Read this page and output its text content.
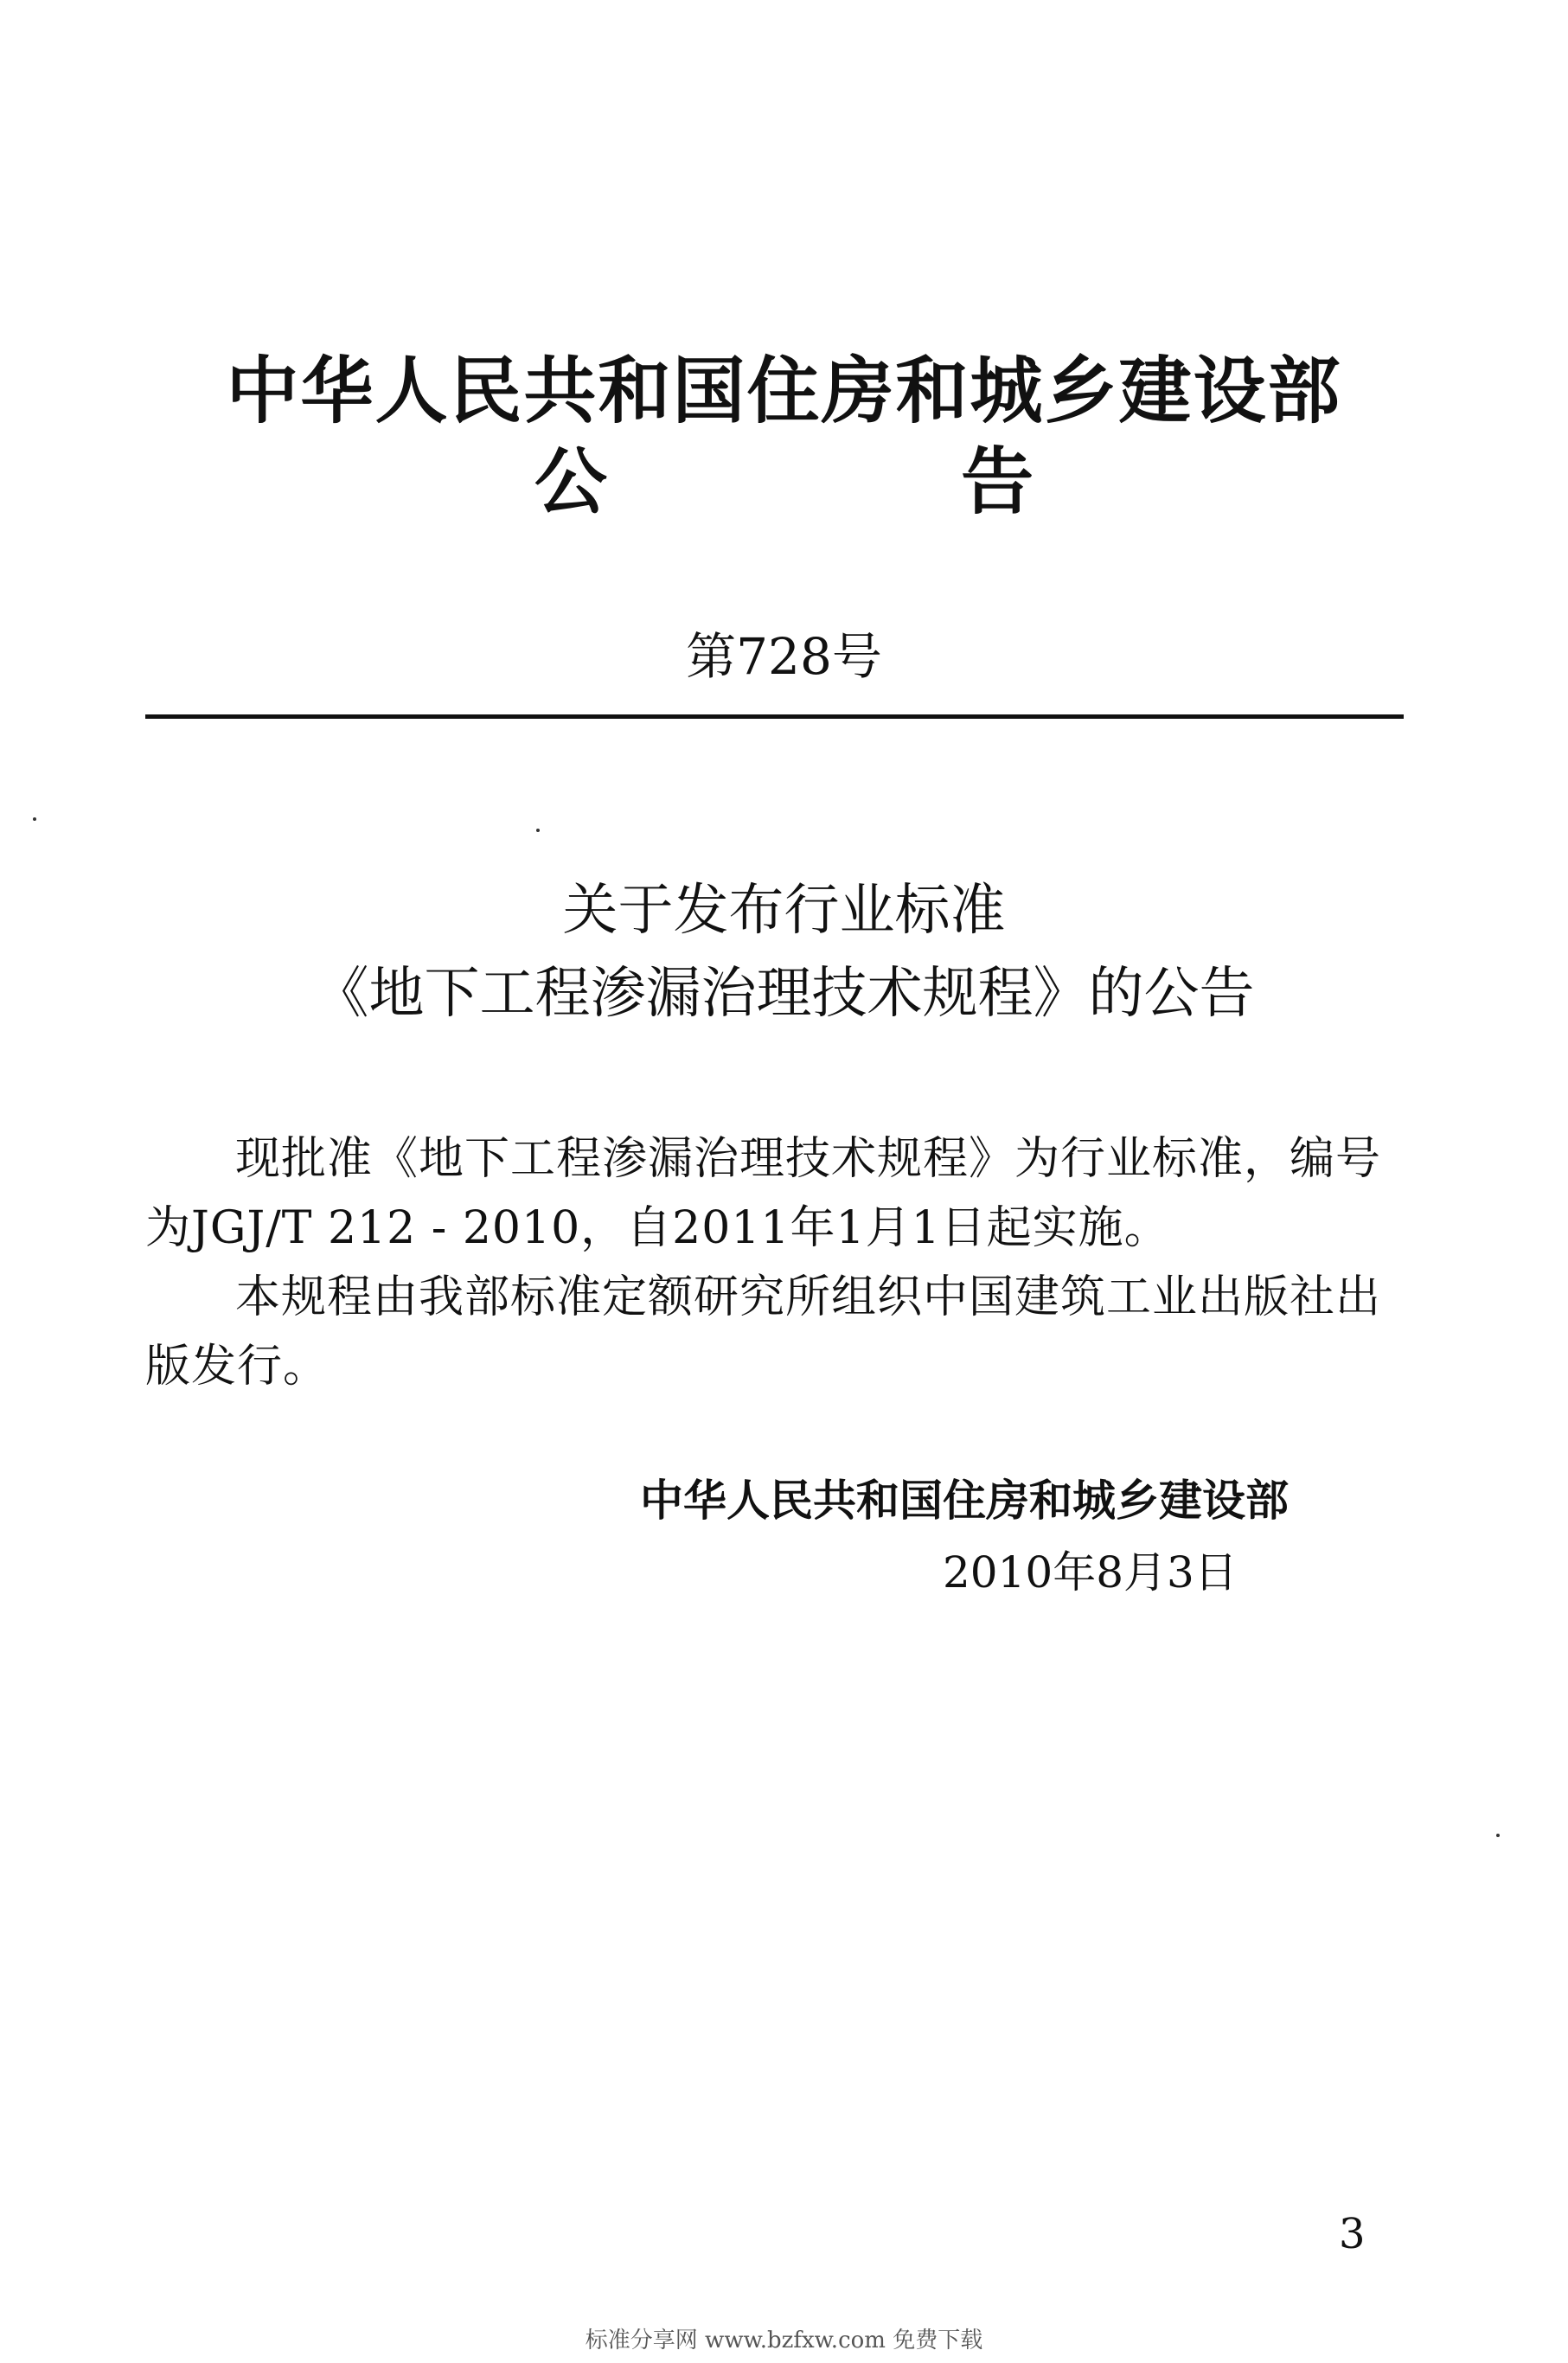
中华人民共和国住房和城乡建设部
公 告
第728号
关于发布行业标准
《地下工程渗漏治理技术规程》的公告
现批准《地下工程渗漏治理技术规程》为行业标准，编号为JGJ/T 212 - 2010，自2011年1月1日起实施。
本规程由我部标准定额研究所组织中国建筑工业出版社出版发行。
中华人民共和国住房和城乡建设部
2010年8月3日
3
标准分享网 www.bzfxw.com 免费下载
